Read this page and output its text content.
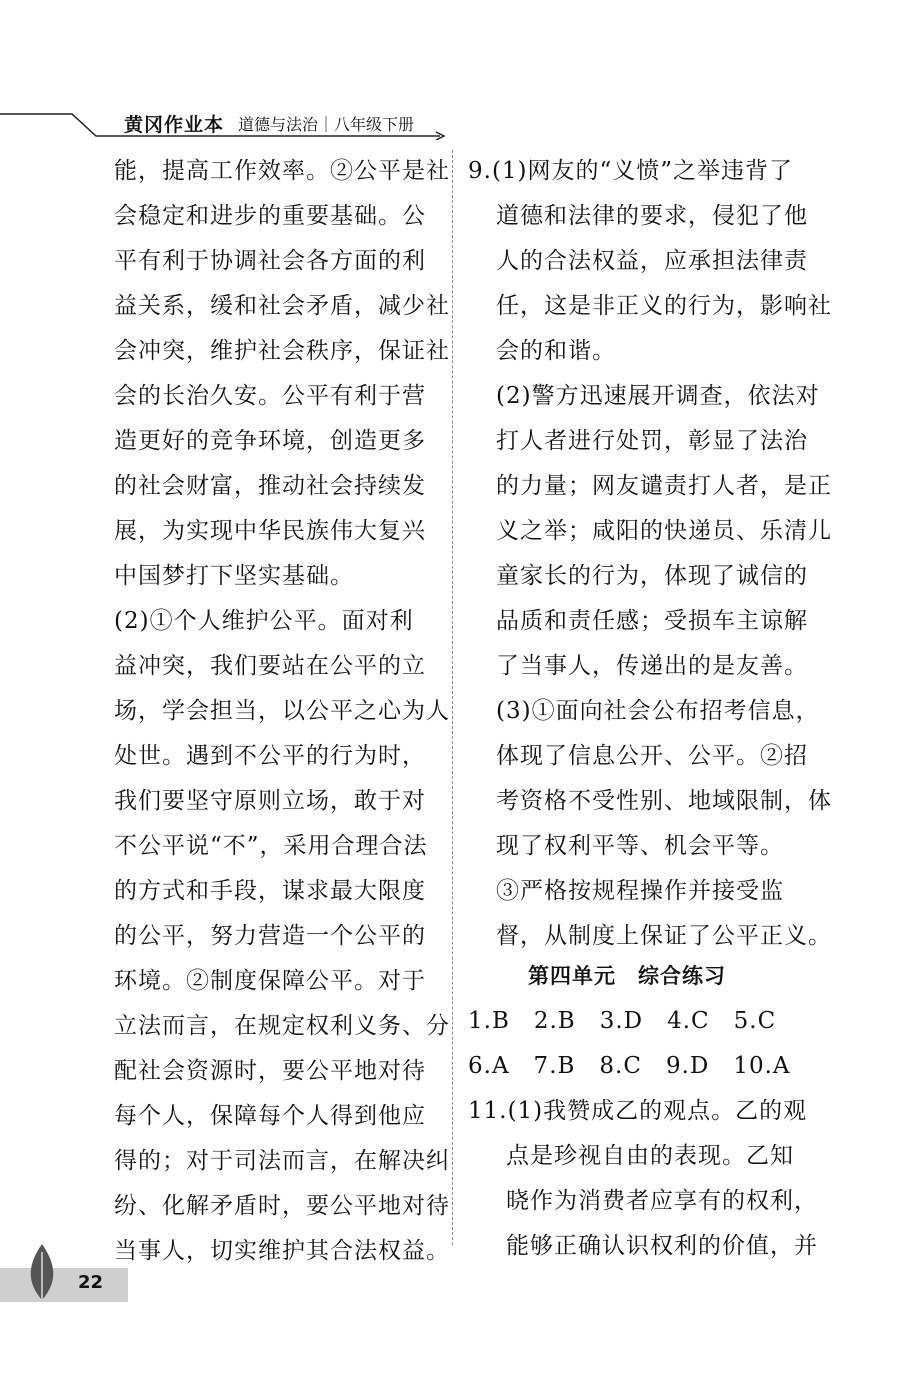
黄冈作业本 道德与法治｜八年级下册
能，提高工作效率。②公平是社
会稳定和进步的重要基础。公
平有利于协调社会各方面的利
益关系，缓和社会矛盾，减少社
会冲突，维护社会秩序，保证社
会的长治久安。公平有利于营
造更好的竞争环境，创造更多
的社会财富，推动社会持续发
展，为实现中华民族伟大复兴
中国梦打下坚实基础。
(2)①个人维护公平。面对利
益冲突，我们要站在公平的立
场，学会担当，以公平之心为人
处世。遇到不公平的行为时，
我们要坚守原则立场，敢于对
不公平说“不”，采用合理合法
的方式和手段，谋求最大限度
的公平，努力营造一个公平的
环境。②制度保障公平。对于
立法而言，在规定权利义务、分
配社会资源时，要公平地对待
每个人，保障每个人得到他应
得的；对于司法而言，在解决纠
纷、化解矛盾时，要公平地对待
当事人，切实维护其合法权益。
9.(1)网友的“义愤”之举违背了
道德和法律的要求，侵犯了他
人的合法权益，应承担法律责
任，这是非正义的行为，影响社
会的和谐。
(2)警方迅速展开调查，依法对
打人者进行处罚，彰显了法治
的力量；网友谴责打人者，是正
义之举；咸阳的快递员、乐清儿
童家长的行为，体现了诚信的
品质和责任感；受损车主谅解
了当事人，传递出的是友善。
(3)①面向社会公布招考信息，
体现了信息公开、公平。②招
考资格不受性别、地域限制，体
现了权利平等、机会平等。
③严格按规程操作并接受监
督，从制度上保证了公平正义。
第四单元　综合练习
1.B　2.B　3.D　4.C　5.C
6.A　7.B　8.C　9.D　10.A
11.(1)我赞成乙的观点。乙的观
点是珍视自由的表现。乙知
晓作为消费者应享有的权利，
能够正确认识权利的价值，并
22
